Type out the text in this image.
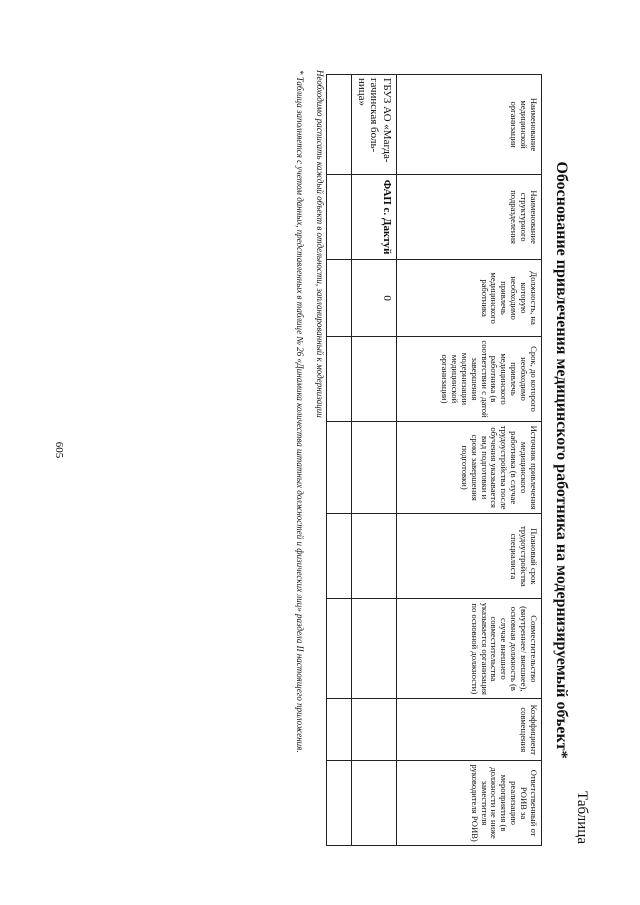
605
Таблица
Обоснование привлечения медицинского работника на модернизируемый объект*
Наименование медицинской организации	Наименование структурного подразделения	Должность, на которую необходимо привлечь медицинского работника	Срок, до которого необходимо привлечь медицинского работника (в соответствии с датой завершения модернизации медицинской организации)	Источник привлечения медицинского работника (в случае трудоустройства после обучения указывается вид подготовки и сроки завершения подготовки)	Плановый срок трудоустройства специалиста	Совместительство (внутреннее/ внешнее), основная должность (в случае внешнего совместительства указывается организация по основной должности)	Коэффициент совмещения	Ответственный от РОИВ за реализацию мероприятия (в должности не ниже заместителя руководителя РОИВ)
ГБУЗ АО «Магда-гачинская боль-ница»	ФАП с. Дактуй	0						

Необходимо расписать каждый объект в отдельности, запланированный к модернизации
* Таблица заполняется с учетом данных, представленных в таблице № 26 «Динамика количества штатных должностей и физических лиц» раздела II настоящего приложения.
